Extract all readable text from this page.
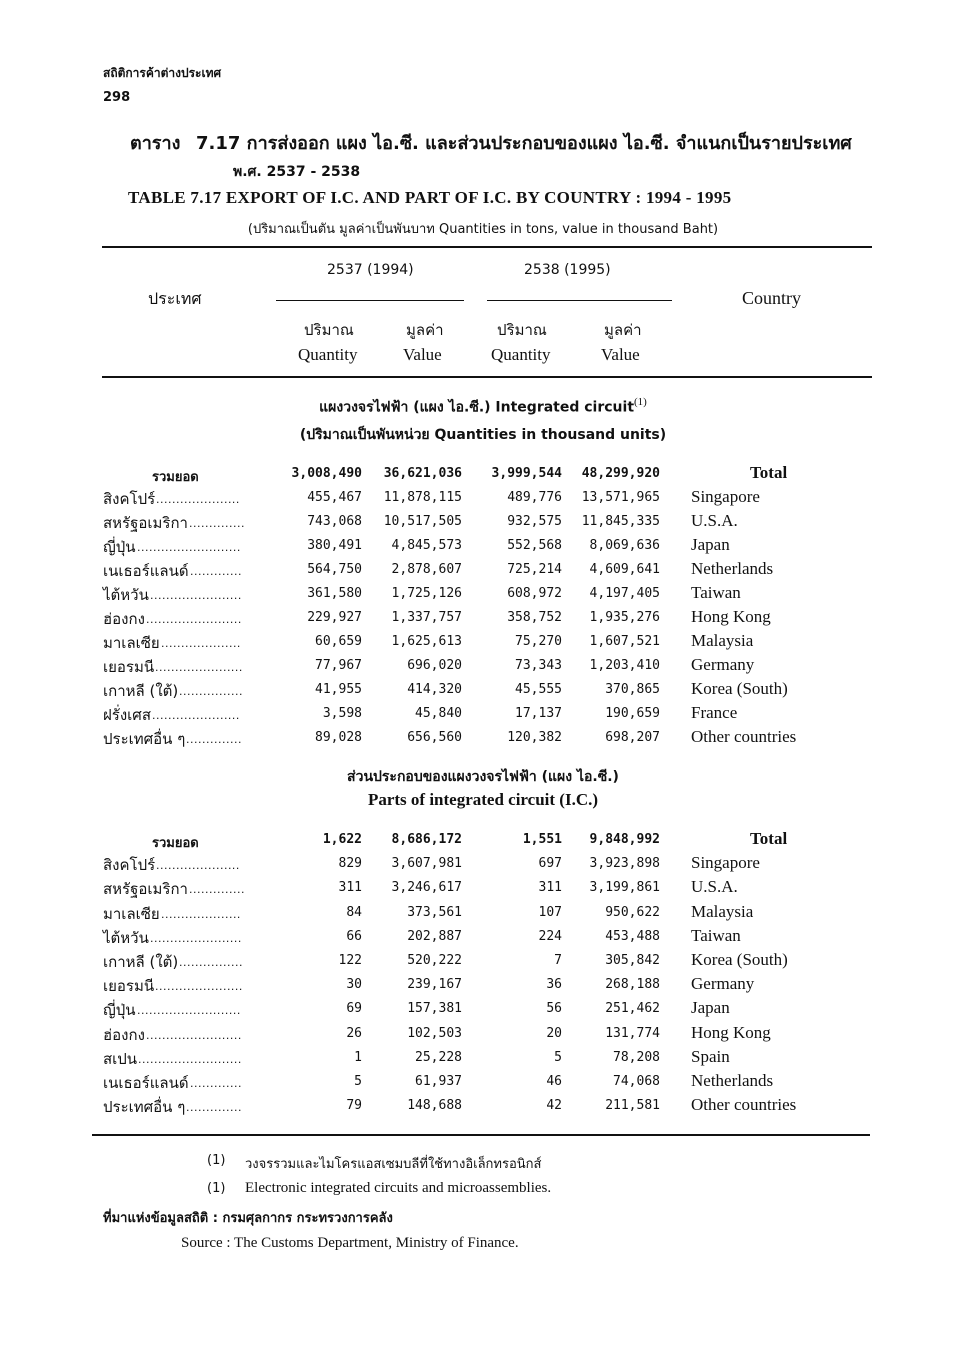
สถิติการค้าต่างประเทศ
298
ตาราง 7.17 การส่งออก แผง ไอ.ซี. และส่วนประกอบของแผง ไอ.ซี. จำแนกเป็นรายประเทศ
พ.ศ. 2537 - 2538
TABLE 7.17 EXPORT OF I.C. AND PART OF I.C. BY COUNTRY : 1994 - 1995
(ปริมาณเป็นตัน มูลค่าเป็นพันบาท Quantities in tons, value in thousand Baht)
ประเทศ	Country
2537 (1994)	2538 (1995)
ปริมาณ	มูลค่า	ปริมาณ	มูลค่า
Quantity	Value	Quantity	Value
แผงวงจรไฟฟ้า (แผง ไอ.ซี.) Integrated circuit$^{(1)}$
(ปริมาณเป็นพันหน่วย Quantities in thousand units)
รวมยอด	3,008,490	36,621,036	3,999,544	48,299,920	Total
สิงคโปร์ .....................	455,467	11,878,115	489,776	13,571,965 Singapore
สหรัฐอเมริกา ..............	743,068	10,517,505	932,575	11,845,335 U.S.A.
ญี่ปุ่น ..........................	380,491	4,845,573	552,568	8,069,636 Japan
เนเธอร์แลนด์ .............	564,750	2,878,607	725,214	4,609,641 Netherlands
ไต้หวัน .......................	361,580	1,725,126	608,972	4,197,405 Taiwan
ฮ่องกง ........................	229,927	1,337,757	358,752	1,935,276 Hong Kong
มาเลเซีย ....................	60,659	1,625,613	75,270	1,607,521 Malaysia
เยอรมนี ......................	77,967	696,020	73,343	1,203,410 Germany
เกาหลี (ใต้) ................	41,955	414,320	45,555	370,865 Korea (South)
ฝรั่งเศส ......................	3,598	45,840	17,137	190,659 France
ประเทศอื่น ๆ ..............	89,028	656,560	120,382	698,207 Other countries
ส่วนประกอบของแผงวงจรไฟฟ้า (แผง ไอ.ซี.)
Parts of integrated circuit (I.C.)
รวมยอด	1,622	8,686,172	1,551	9,848,992	Total
สิงคโปร์ .....................	829	3,607,981	697	3,923,898 Singapore
สหรัฐอเมริกา ..............	311	3,246,617	311	3,199,861 U.S.A.
มาเลเซีย ....................	84	373,561	107	950,622 Malaysia
ไต้หวัน .......................	66	202,887	224	453,488 Taiwan
เกาหลี (ใต้) ................	122	520,222	7	305,842 Korea (South)
เยอรมนี ......................	30	239,167	36	268,188 Germany
ญี่ปุ่น ..........................	69	157,381	56	251,462 Japan
ฮ่องกง ........................	26	102,503	20	131,774 Hong Kong
สเปน ..........................	1	25,228	5	78,208 Spain
เนเธอร์แลนด์ .............	5	61,937	46	74,068 Netherlands
ประเทศอื่น ๆ ..............	79	148,688	42	211,581 Other countries
(1) วงจรรวมและไมโครแอสเซมบลีที่ใช้ทางอิเล็กทรอนิกส์
(1) Electronic integrated circuits and microassemblies.
ที่มาแห่งข้อมูลสถิติ : กรมศุลกากร กระทรวงการคลัง
Source : The Customs Department, Ministry of Finance.
